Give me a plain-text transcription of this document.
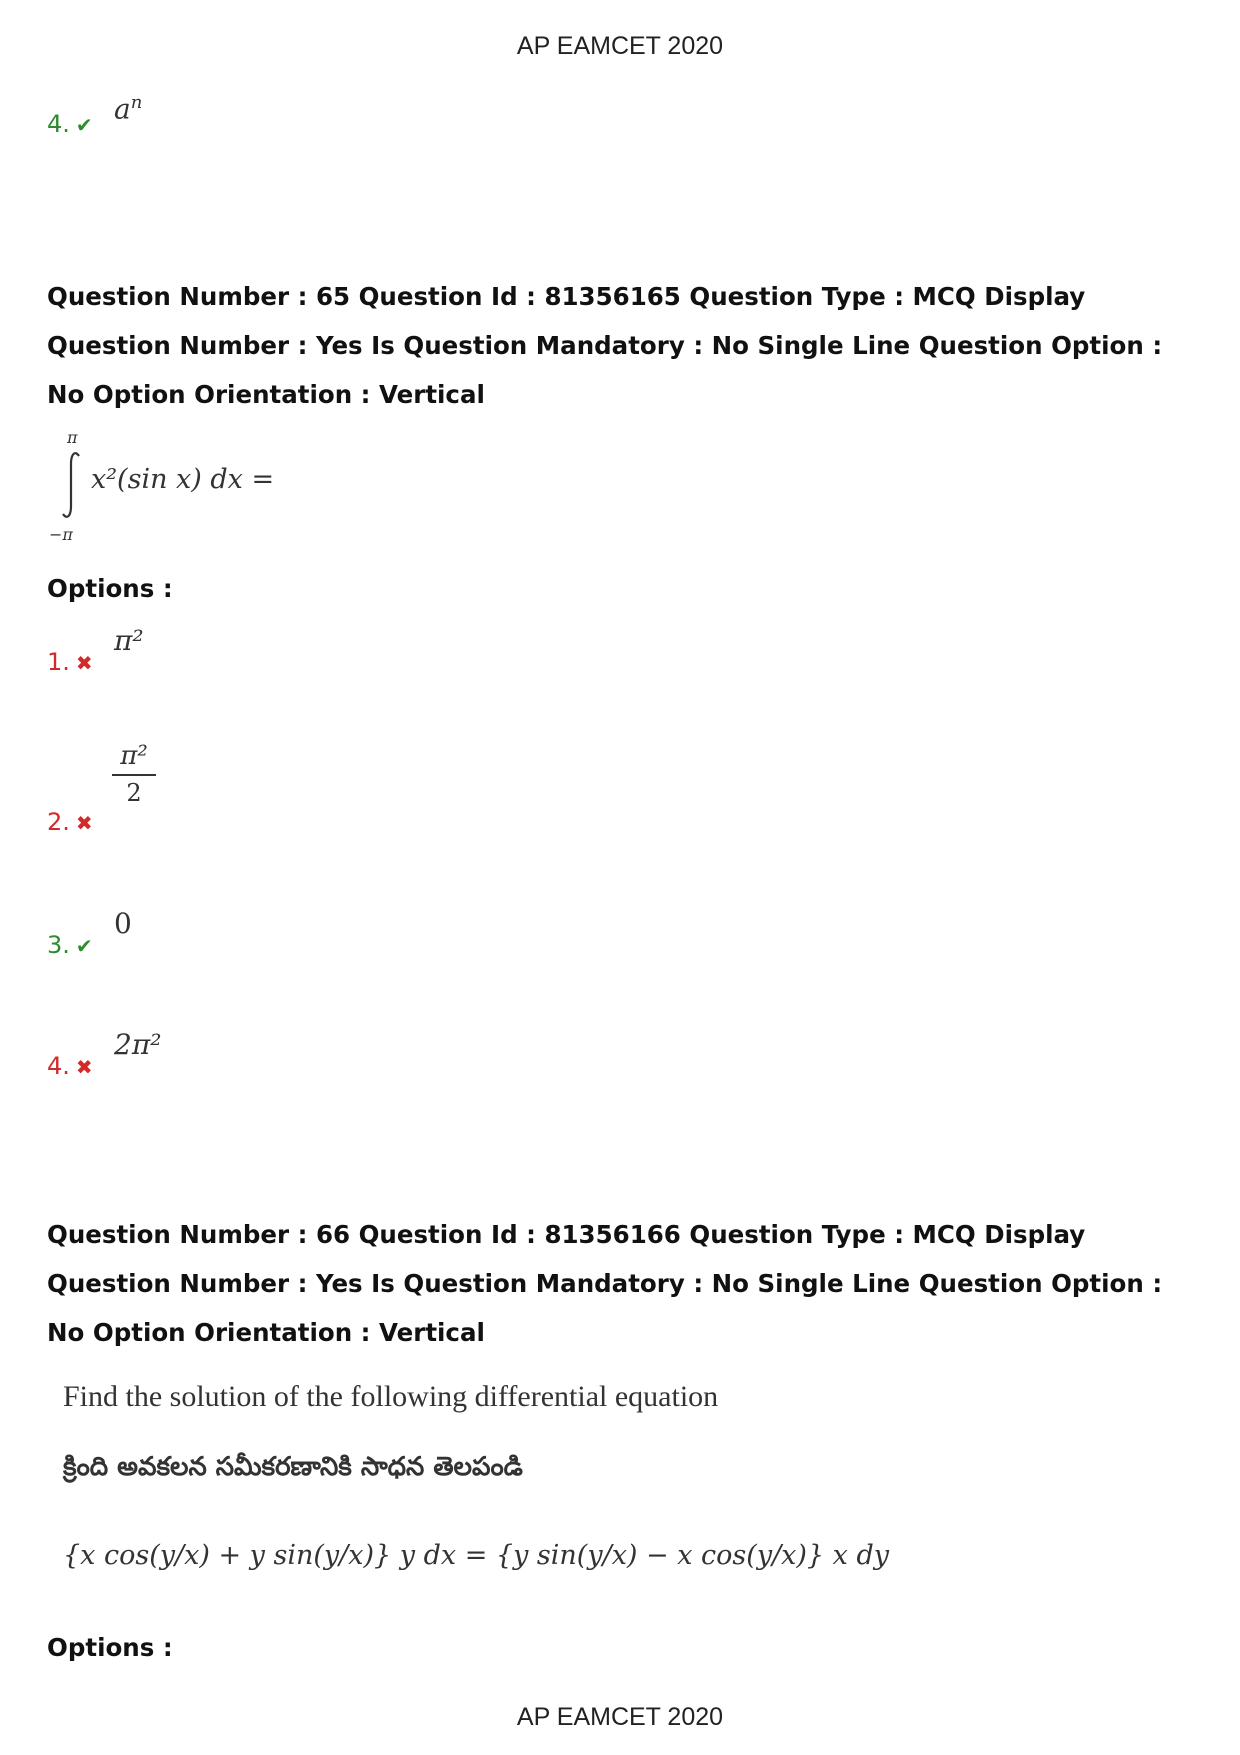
AP EAMCET 2020
4. ✔ $a^n$
Question Number : 65 Question Id : 81356165 Question Type : MCQ Display Question Number : Yes Is Question Mandatory : No Single Line Question Option : No Option Orientation : Vertical
π
−π
x²(sin x) dx =
Options :
1. ✖
π²
2. ✖
π²
2
3. ✔
0
4. ✖
2π²
Question Number : 66 Question Id : 81356166 Question Type : MCQ Display Question Number : Yes Is Question Mandatory : No Single Line Question Option : No Option Orientation : Vertical
Find the solution of the following differential equation
క్రింది అవకలన సమీకరణానికి సాధన తెలపండి
{x cos(y/x) + y sin(y/x)} y dx = {y sin(y/x) − x cos(y/x)} x dy
Options :
AP EAMCET 2020
